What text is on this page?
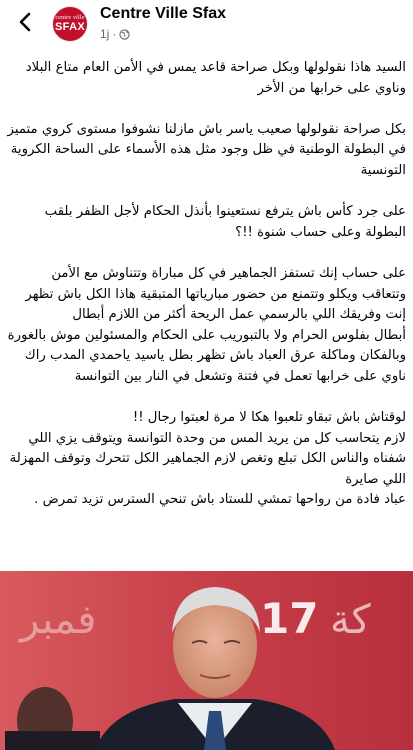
centre ville
SFAX
Centre Ville Sfax
1j ·

السيد هاذا نقولولها وبكل صراحة قاعد يمس في الأمن العام متاع البلاد وناوي على خرابها من الأخر

بكل صراحة نقولولها صعيب ياسر باش مازلنا نشوفوا مستوى كروي متميز في البطولة الوطنية في ظل وجود مثل هذه الأسماء على الساحة الكروية التونسية

على جرد كأس باش يترفع نستعينوا بأنذل الحكام لأجل الظفر بلقب البطولة وعلى حساب شنوة !!؟

على حساب إنك تستفز الجماهير في كل مباراة وتتناوش مع الأمن وتتعاقب ويكلو وتتمنع من حضور مبارياتها المتبقية هاذا الكل باش تظهر إنت وفريقك اللي بالرسمي عمل الريحة أكثر من اللازم أبطال
أبطال بفلوس الحرام ولا بالتبوريب على الحكام والمسئولين موش بالغورة وبالفكان وماكلة عرق العباد باش تظهر بطل ياسيد ياحمدي المدب راك ناوي على خرابها تعمل في فتنة وتشعل في النار بين التوانسة

لوقتاش باش تبقاو تلعبوا هكا لا مرة لعبتوا رجال !!
لازم يتحاسب كل من يريد المس من وحدة التوانسة ويتوقف يزي اللي شفناه والناس الكل تبلع وتغص لازم الجماهير الكل تتحرك وتوقف المهزلة اللي صايرة
عباد فادة من رواحها تمشي للستاد باش تنحي السترس تزيد تمرض .

فمبر	17 كة
